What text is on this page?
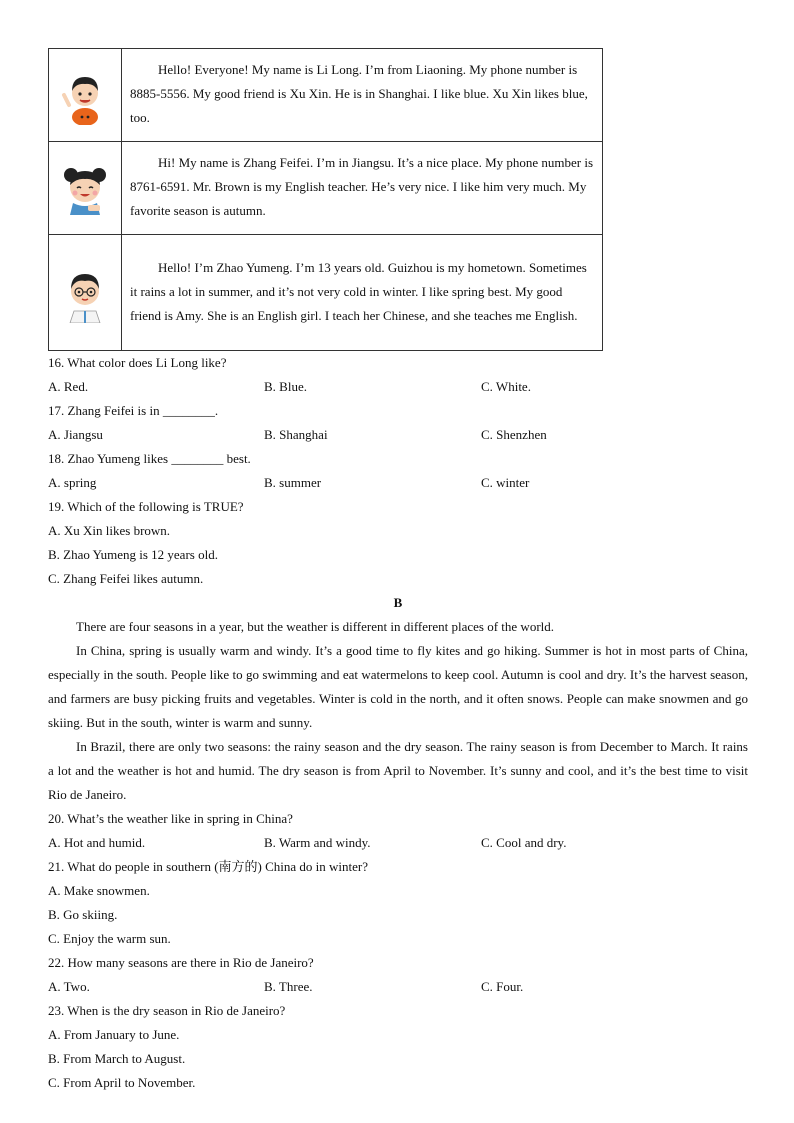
Hello! Everyone! My name is Li Long. I’m from Liaoning. My phone number is 8885-5556. My good friend is Xu Xin. He is in Shanghai. I like blue. Xu Xin likes blue, too.

Hi! My name is Zhang Feifei. I’m in Jiangsu. It’s a nice place. My phone number is 8761-6591. Mr. Brown is my English teacher. He’s very nice. I like him very much. My favorite season is autumn.

Hello! I’m Zhao Yumeng. I’m 13 years old. Guizhou is my hometown. Sometimes it rains a lot in summer, and it’s not very cold in winter. I like spring best. My good friend is Amy. She is an English girl. I teach her Chinese, and she teaches me English.

16. What color does Li Long like?

A. Red.	B. Blue.	C. White.

17. Zhang Feifei is in ________.

A. Jiangsu	B. Shanghai	C. Shenzhen

18. Zhao Yumeng likes ________ best.

A. spring	B. summer	C. winter

19. Which of the following is TRUE?

A. Xu Xin likes brown.

B. Zhao Yumeng is 12 years old.

C. Zhang Feifei likes autumn.

B

There are four seasons in a year, but the weather is different in different places of the world.

In China, spring is usually warm and windy. It’s a good time to fly kites and go hiking. Summer is hot in most parts of China, especially in the south. People like to go swimming and eat watermelons to keep cool. Autumn is cool and dry. It’s the harvest season, and farmers are busy picking fruits and vegetables. Winter is cold in the north, and it often snows. People can make snowmen and go skiing. But in the south, winter is warm and sunny.

In Brazil, there are only two seasons: the rainy season and the dry season. The rainy season is from December to March. It rains a lot and the weather is hot and humid. The dry season is from April to November. It’s sunny and cool, and it’s the best time to visit Rio de Janeiro.

20. What’s the weather like in spring in China?

A. Hot and humid.	B. Warm and windy.	C. Cool and dry.

21. What do people in southern (南方的) China do in winter?

A. Make snowmen.

B. Go skiing.

C. Enjoy the warm sun.

22. How many seasons are there in Rio de Janeiro?

A. Two.	B. Three.	C. Four.

23. When is the dry season in Rio de Janeiro?

A. From January to June.

B. From March to August.

C. From April to November.
